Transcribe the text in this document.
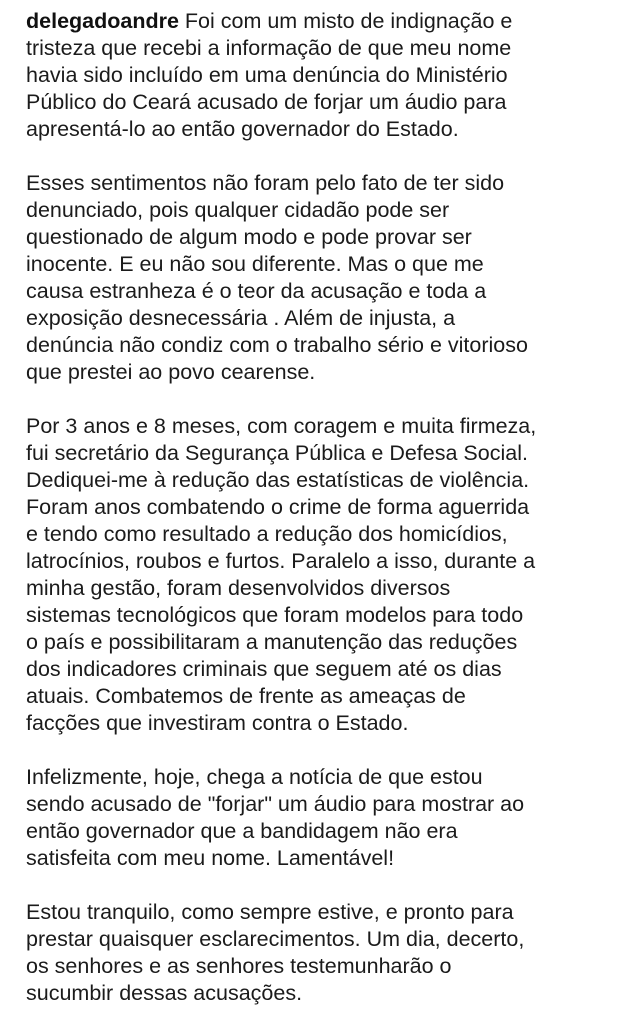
delegadoandre Foi com um misto de indignação e
tristeza que recebi a informação de que meu nome
havia sido incluído em uma denúncia do Ministério
Público do Ceará acusado de forjar um áudio para
apresentá-lo ao então governador do Estado.

Esses sentimentos não foram pelo fato de ter sido
denunciado, pois qualquer cidadão pode ser
questionado de algum modo e pode provar ser
inocente. E eu não sou diferente. Mas o que me
causa estranheza é o teor da acusação e toda a
exposição desnecessária . Além de injusta, a
denúncia não condiz com o trabalho sério e vitorioso
que prestei ao povo cearense.

Por 3 anos e 8 meses, com coragem e muita firmeza,
fui secretário da Segurança Pública e Defesa Social.
Dediquei-me à redução das estatísticas de violência.
Foram anos combatendo o crime de forma aguerrida
e tendo como resultado a redução dos homicídios,
latrocínios, roubos e furtos. Paralelo a isso, durante a
minha gestão, foram desenvolvidos diversos
sistemas tecnológicos que foram modelos para todo
o país e possibilitaram a manutenção das reduções
dos indicadores criminais que seguem até os dias
atuais. Combatemos de frente as ameaças de
facções que investiram contra o Estado.

Infelizmente, hoje, chega a notícia de que estou
sendo acusado de "forjar" um áudio para mostrar ao
então governador que a bandidagem não era
satisfeita com meu nome. Lamentável!

Estou tranquilo, como sempre estive, e pronto para
prestar quaisquer esclarecimentos. Um dia, decerto,
os senhores e as senhores testemunharão o
sucumbir dessas acusações.
